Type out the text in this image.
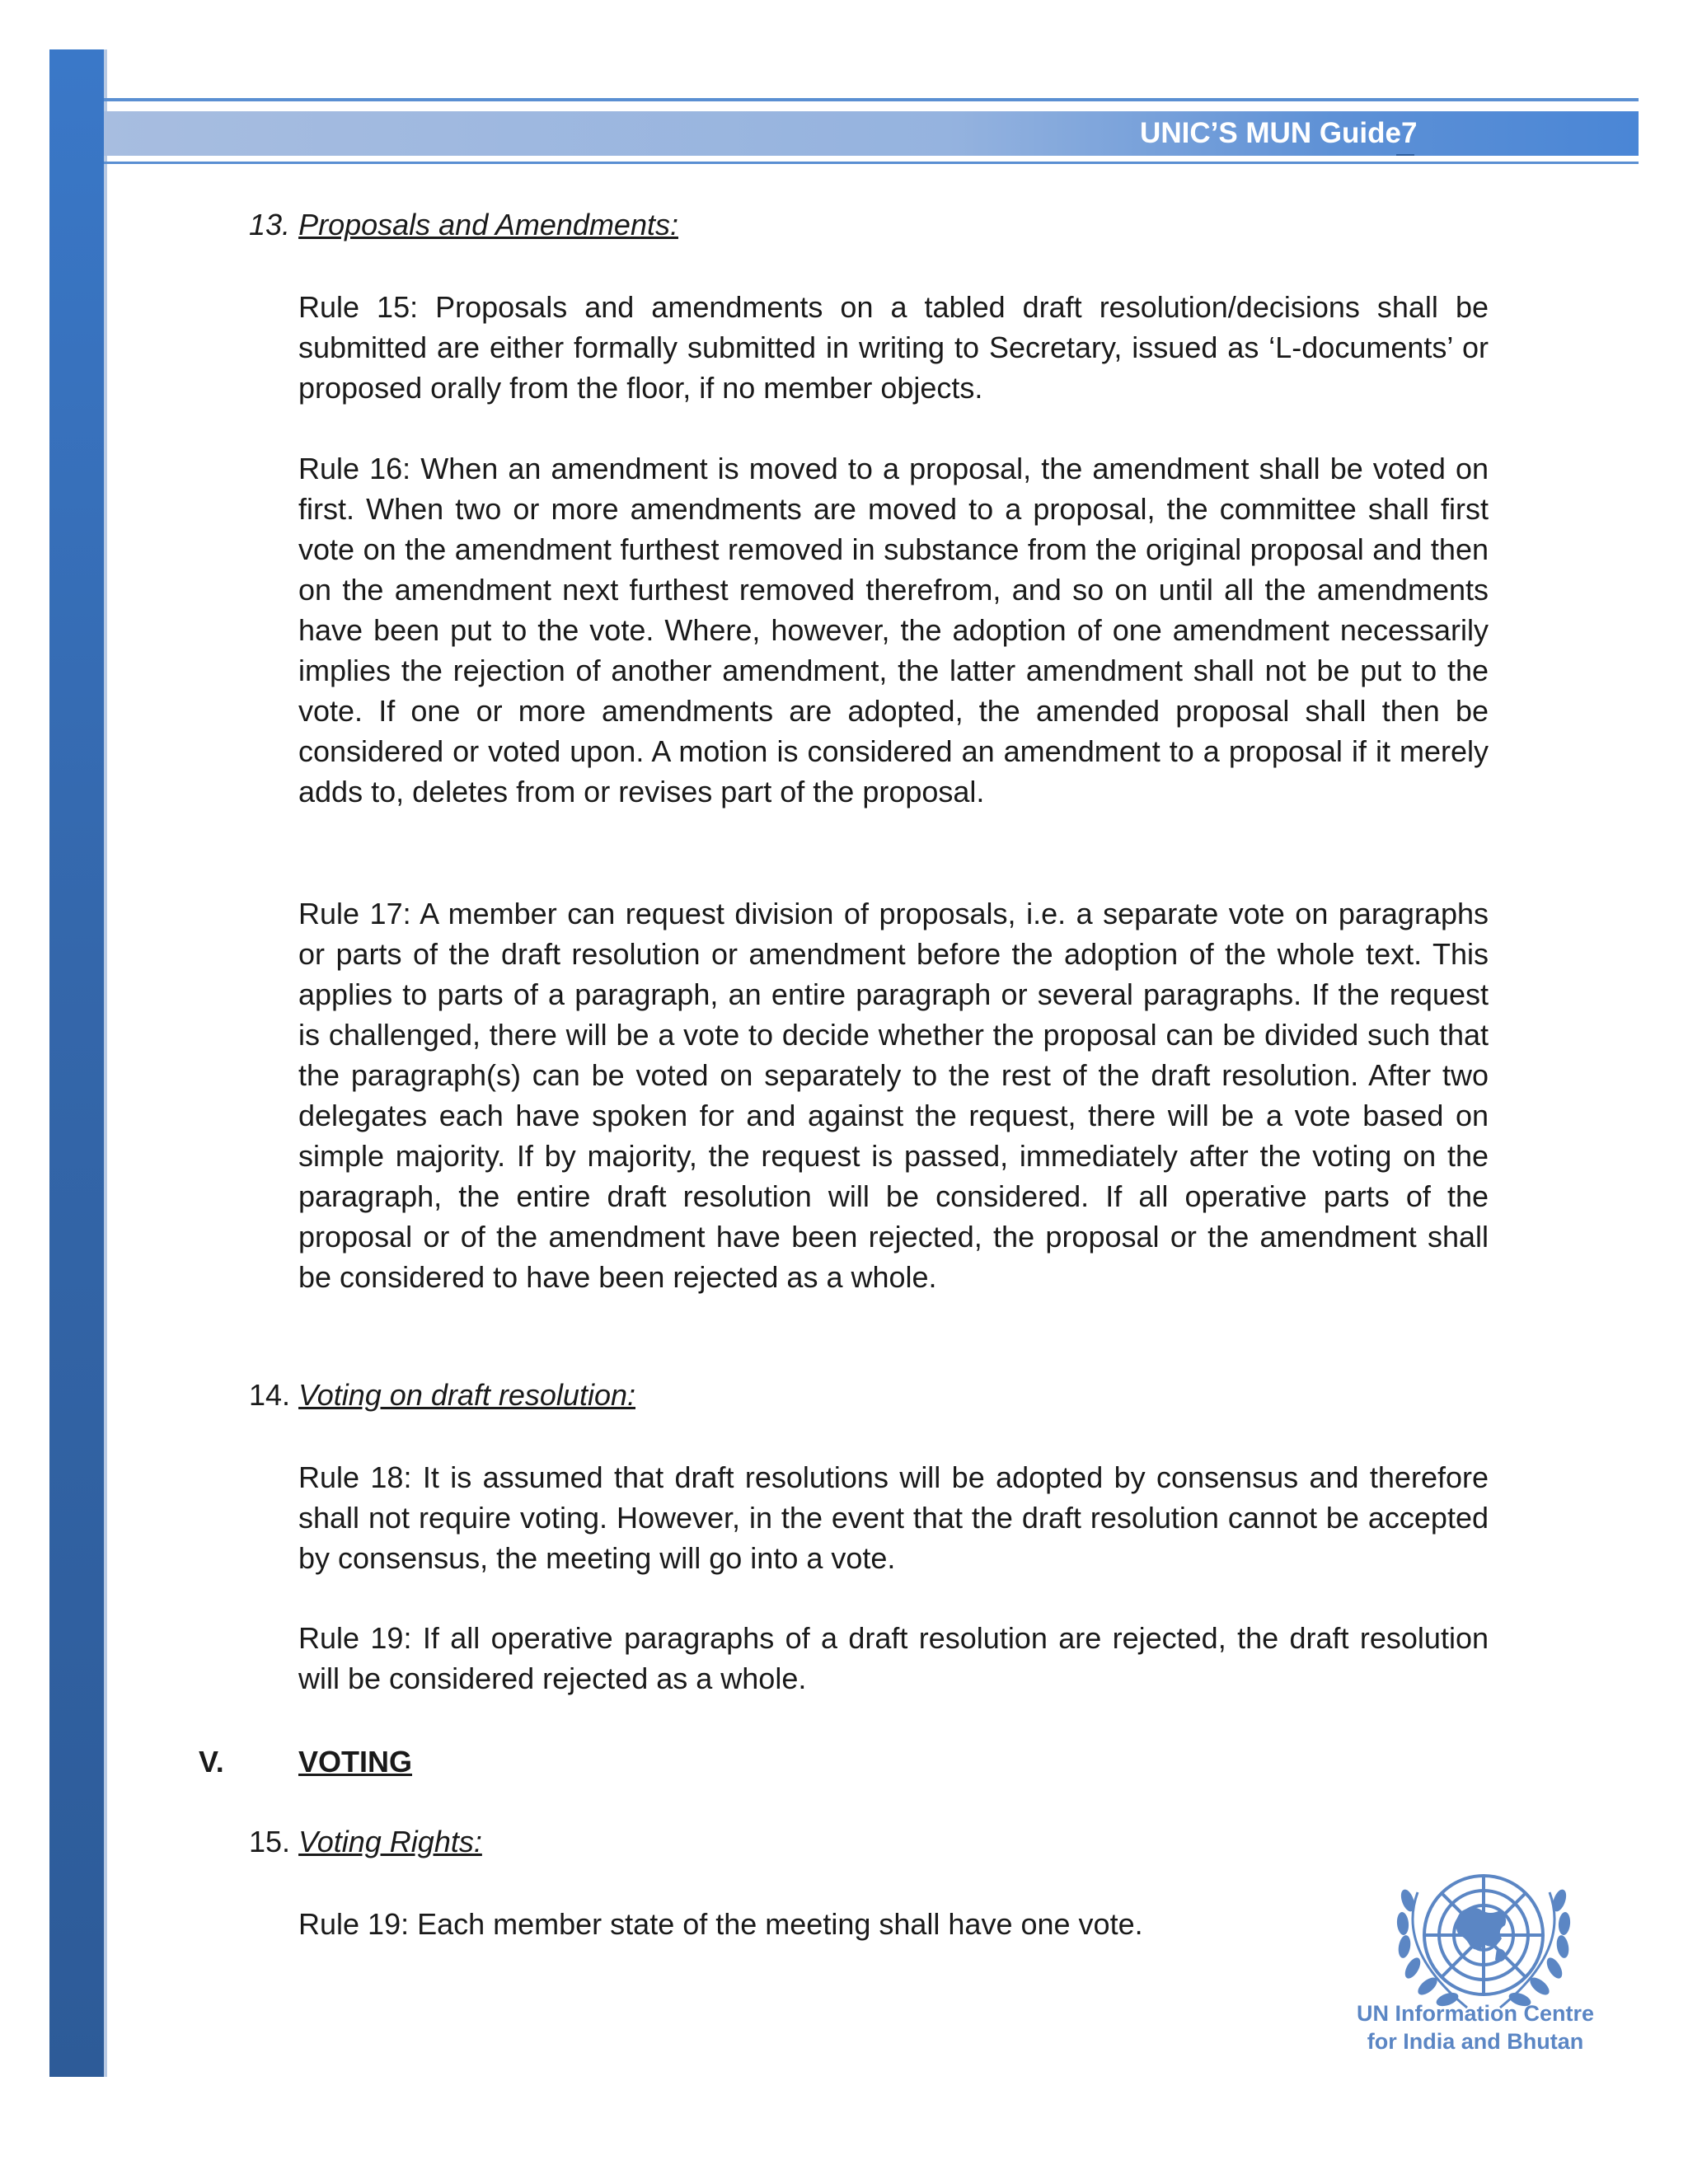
UNIC’S MUN Guide 7
13. Proposals and Amendments:

Rule 15: Proposals and amendments on a tabled draft resolution/decisions shall be submitted are either formally submitted in writing to Secretary, issued as ‘L-documents’ or proposed orally from the floor, if no member objects.

Rule 16: When an amendment is moved to a proposal, the amendment shall be voted on first. When two or more amendments are moved to a proposal, the committee shall first vote on the amendment furthest removed in substance from the original proposal and then on the amendment next furthest removed therefrom, and so on until all the amendments have been put to the vote. Where, however, the adoption of one amendment necessarily implies the rejection of another amendment, the latter amendment shall not be put to the vote. If one or more amendments are adopted, the amended proposal shall then be considered or voted upon. A motion is considered an amendment to a proposal if it merely adds to, deletes from or revises part of the proposal.

Rule 17: A member can request division of proposals, i.e. a separate vote on paragraphs or parts of the draft resolution or amendment before the adoption of the whole text. This applies to parts of a paragraph, an entire paragraph or several paragraphs. If the request is challenged, there will be a vote to decide whether the proposal can be divided such that the paragraph(s) can be voted on separately to the rest of the draft resolution. After two delegates each have spoken for and against the request, there will be a vote based on simple majority. If by majority, the request is passed, immediately after the voting on the paragraph, the entire draft resolution will be considered. If all operative parts of the proposal or of the amendment have been rejected, the proposal or the amendment shall be considered to have been rejected as a whole.

14. Voting on draft resolution:

Rule 18: It is assumed that draft resolutions will be adopted by consensus and therefore shall not require voting. However, in the event that the draft resolution cannot be accepted by consensus, the meeting will go into a vote.

Rule 19: If all operative paragraphs of a draft resolution are rejected, the draft resolution will be considered rejected as a whole.

V.	VOTING
15. Voting Rights:

Rule 19: Each member state of the meeting shall have one vote.

UN Information Centre
for India and Bhutan
